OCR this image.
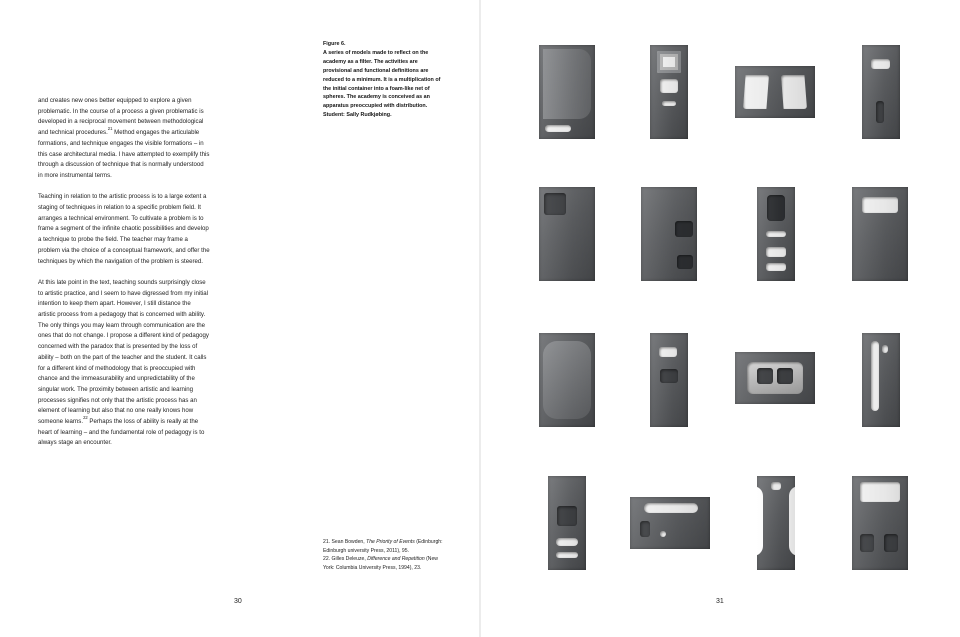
and creates new ones better equipped to explore a given problematic. In the course of a process a given problematic is developed in a reciprocal movement between methodological and technical procedures.$^{21}$ Method engages the articulable formations, and technique engages the visible formations – in this case architectural media. I have attempted to exemplify this through a discussion of technique that is normally understood in more instrumental terms.

Teaching in relation to the artistic process is to a large extent a staging of techniques in relation to a specific problem field. It arranges a technical environment. To cultivate a problem is to frame a segment of the infinite chaotic possibilities and develop a technique to probe the field. The teacher may frame a problem via the choice of a conceptual framework, and offer the techniques by which the navigation of the problem is steered.

At this late point in the text, teaching sounds surprisingly close to artistic practice, and I seem to have digressed from my initial intention to keep them apart. However, I still distance the artistic process from a pedagogy that is concerned with ability. The only things you may learn through communication are the ones that do not change. I propose a different kind of pedagogy concerned with the paradox that is presented by the loss of ability – both on the part of the teacher and the student. It calls for a different kind of methodology that is preoccupied with chance and the immeasurability and unpredictability of the singular work. The proximity between artistic and learning processes signifies not only that the artistic process has an element of learning but also that no one really knows how someone learns.$^{22}$ Perhaps the loss of ability is really at the heart of learning – and the fundamental role of pedagogy is to always stage an encounter.

Figure 6.
A series of models made to reflect on the academy as a filter. The activities are provisional and functional definitions are reduced to a minimum. It is a multiplication of the initial container into a foam-like net of spheres. The academy is conceived as an apparatus preoccupied with distribution. Student: Sally Rudkjøbing.
21. Sean Bowden, The Priority of Events (Edinburgh: Edinburgh university Press, 2011), 95.
22. Gilles Deleuze, Difference and Repetition (New York: Columbia University Press, 1994), 23.
30	31
